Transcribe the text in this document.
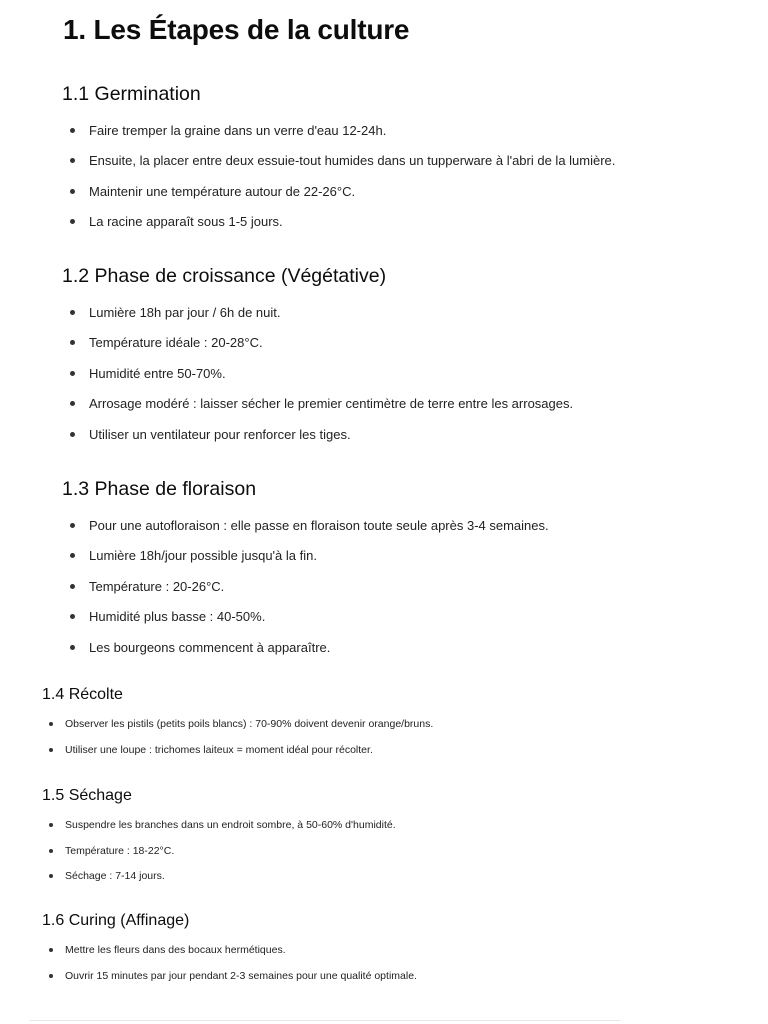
1. Les Étapes de la culture
1.1 Germination
Faire tremper la graine dans un verre d'eau 12-24h.
Ensuite, la placer entre deux essuie-tout humides dans un tupperware à l'abri de la lumière.
Maintenir une température autour de 22-26°C.
La racine apparaît sous 1-5 jours.
1.2 Phase de croissance (Végétative)
Lumière 18h par jour / 6h de nuit.
Température idéale : 20-28°C.
Humidité entre 50-70%.
Arrosage modéré : laisser sécher le premier centimètre de terre entre les arrosages.
Utiliser un ventilateur pour renforcer les tiges.
1.3 Phase de floraison
Pour une autofloraison : elle passe en floraison toute seule après 3-4 semaines.
Lumière 18h/jour possible jusqu'à la fin.
Température : 20-26°C.
Humidité plus basse : 40-50%.
Les bourgeons commencent à apparaître.
1.4 Récolte
Observer les pistils (petits poils blancs) : 70-90% doivent devenir orange/bruns.
Utiliser une loupe : trichomes laiteux = moment idéal pour récolter.
1.5 Séchage
Suspendre les branches dans un endroit sombre, à 50-60% d'humidité.
Température : 18-22°C.
Séchage : 7-14 jours.
1.6 Curing (Affinage)
Mettre les fleurs dans des bocaux hermétiques.
Ouvrir 15 minutes par jour pendant 2-3 semaines pour une qualité optimale.
